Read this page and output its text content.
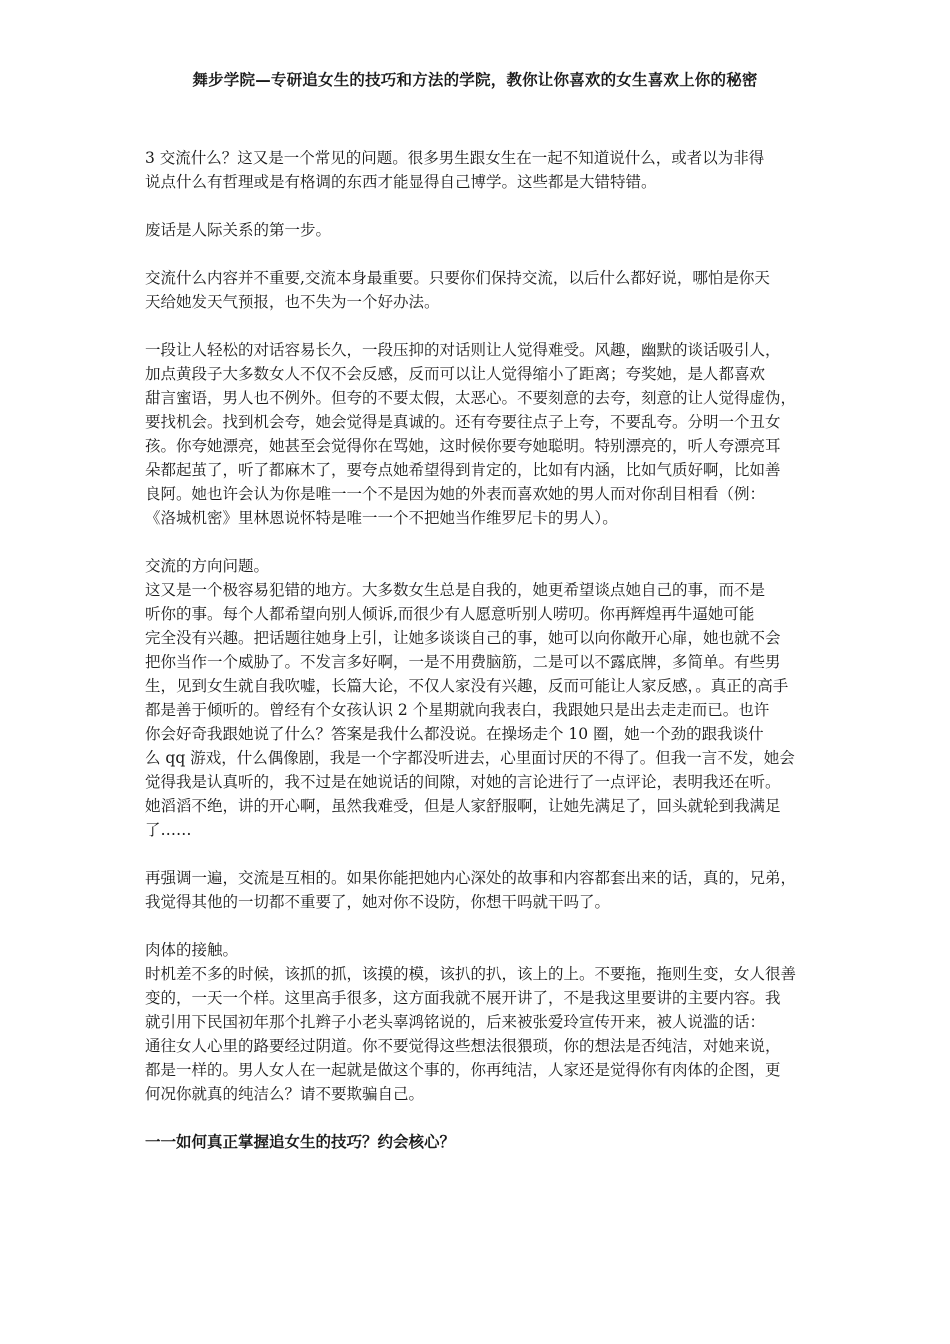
舞步学院—专研追女生的技巧和方法的学院，教你让你喜欢的女生喜欢上你的秘密

3 交流什么？这又是一个常见的问题。很多男生跟女生在一起不知道说什么，或者以为非得
说点什么有哲理或是有格调的东西才能显得自己博学。这些都是大错特错。

废话是人际关系的第一步。

交流什么内容并不重要,交流本身最重要。只要你们保持交流，以后什么都好说，哪怕是你天
天给她发天气预报，也不失为一个好办法。

一段让人轻松的对话容易长久，一段压抑的对话则让人觉得难受。风趣，幽默的谈话吸引人，
加点黄段子大多数女人不仅不会反感，反而可以让人觉得缩小了距离；夸奖她，是人都喜欢
甜言蜜语，男人也不例外。但夸的不要太假，太恶心。不要刻意的去夸，刻意的让人觉得虚伪，
要找机会。找到机会夸，她会觉得是真诚的。还有夸要往点子上夸，不要乱夸。分明一个丑女
孩。你夸她漂亮，她甚至会觉得你在骂她，这时候你要夸她聪明。特别漂亮的，听人夸漂亮耳
朵都起茧了，听了都麻木了，要夸点她希望得到肯定的，比如有内涵，比如气质好啊，比如善
良阿。她也许会认为你是唯一一个不是因为她的外表而喜欢她的男人而对你刮目相看（例：
《洛城机密》里林恩说怀特是唯一一个不把她当作维罗尼卡的男人）。

交流的方向问题。
这又是一个极容易犯错的地方。大多数女生总是自我的，她更希望谈点她自己的事，而不是
听你的事。每个人都希望向别人倾诉,而很少有人愿意听别人唠叨。你再辉煌再牛逼她可能
完全没有兴趣。把话题往她身上引，让她多谈谈自己的事，她可以向你敞开心扉，她也就不会
把你当作一个威胁了。不发言多好啊，一是不用费脑筋，二是可以不露底牌，多简单。有些男
生，见到女生就自我吹嘘，长篇大论，不仅人家没有兴趣，反而可能让人家反感，。真正的高手
都是善于倾听的。曾经有个女孩认识 2 个星期就向我表白，我跟她只是出去走走而已。也许
你会好奇我跟她说了什么？答案是我什么都没说。在操场走个 10 圈，她一个劲的跟我谈什
么 qq 游戏，什么偶像剧，我是一个字都没听进去，心里面讨厌的不得了。但我一言不发，她会
觉得我是认真听的，我不过是在她说话的间隙，对她的言论进行了一点评论，表明我还在听。
她滔滔不绝，讲的开心啊，虽然我难受，但是人家舒服啊，让她先满足了，回头就轮到我满足
了……

再强调一遍，交流是互相的。如果你能把她内心深处的故事和内容都套出来的话，真的，兄弟，
我觉得其他的一切都不重要了，她对你不设防，你想干吗就干吗了。

肉体的接触。
时机差不多的时候，该抓的抓，该摸的模，该扒的扒，该上的上。不要拖，拖则生变，女人很善
变的，一天一个样。这里高手很多，这方面我就不展开讲了，不是我这里要讲的主要内容。我
就引用下民国初年那个扎辫子小老头辜鸿铭说的，后来被张爱玲宣传开来，被人说滥的话：
通往女人心里的路要经过阴道。你不要觉得这些想法很猥琐，你的想法是否纯洁，对她来说，
都是一样的。男人女人在一起就是做这个事的，你再纯洁，人家还是觉得你有肉体的企图，更
何况你就真的纯洁么？请不要欺骗自己。

一一如何真正掌握追女生的技巧？约会核心？
